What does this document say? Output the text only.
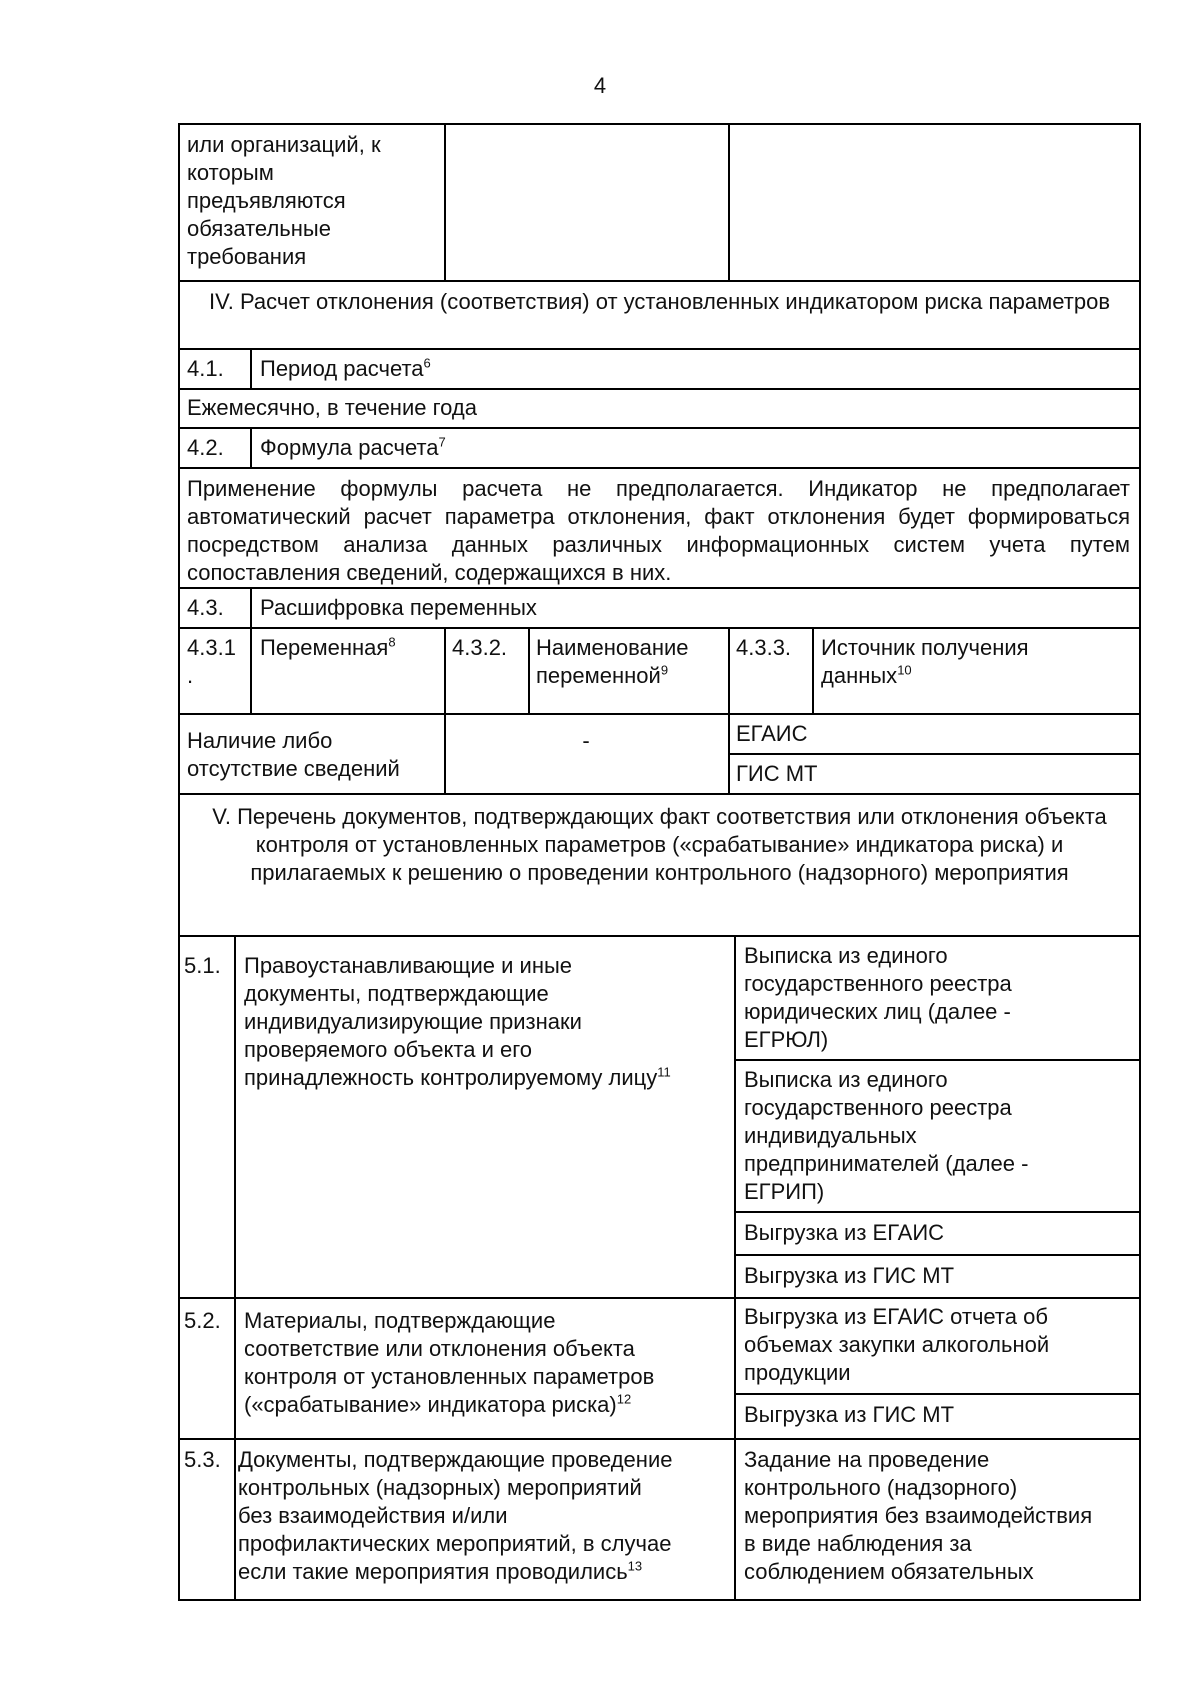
4
или организаций, к
которым
предъявляются
обязательные
требования
IV. Расчет отклонения (соответствия) от установленных индикатором риска параметров
4.1. Период расчета$^6$
Ежемесячно, в течение года
4.2. Формула расчета$^7$
Применение формулы расчета не предполагается. Индикатор не предполагает автоматический расчет параметра отклонения, факт отклонения будет формироваться посредством анализа данных различных информационных систем учета путем сопоставления сведений, содержащихся в них.
4.3. Расшифровка переменных
4.3.1
.
Переменная$^8$	4.3.2. Наименование
переменной$^9$
4.3.3. Источник получения
данных$^{10}$
Наличие либо
отсутствие сведений
-	ЕГАИС
ГИС МТ
V. Перечень документов, подтверждающих факт соответствия или отклонения объекта контроля от установленных параметров («срабатывание» индикатора риска) и прилагаемых к решению о проведении контрольного (надзорного) мероприятия
5.1. Правоустанавливающие и иные
документы, подтверждающие
индивидуализирующие признаки
проверяемого объекта и его
принадлежность контролируемому лицу$^{11}$
Выписка из единого
государственного реестра
юридических лиц (далее -
ЕГРЮЛ)
Выписка из единого
государственного реестра
индивидуальных
предпринимателей (далее -
ЕГРИП)
Выгрузка из ЕГАИС
Выгрузка из ГИС МТ
5.2. Материалы, подтверждающие
соответствие или отклонения объекта
контроля от установленных параметров
(«срабатывание» индикатора риска)$^{12}$
Выгрузка из ЕГАИС отчета об
объемах закупки алкогольной
продукции
Выгрузка из ГИС МТ
5.3. Документы, подтверждающие проведение
контрольных (надзорных) мероприятий
без взаимодействия и/или
профилактических мероприятий, в случае
если такие мероприятия проводились$^{13}$
Задание на проведение
контрольного (надзорного)
мероприятия без взаимодействия
в виде наблюдения за
соблюдением обязательных
